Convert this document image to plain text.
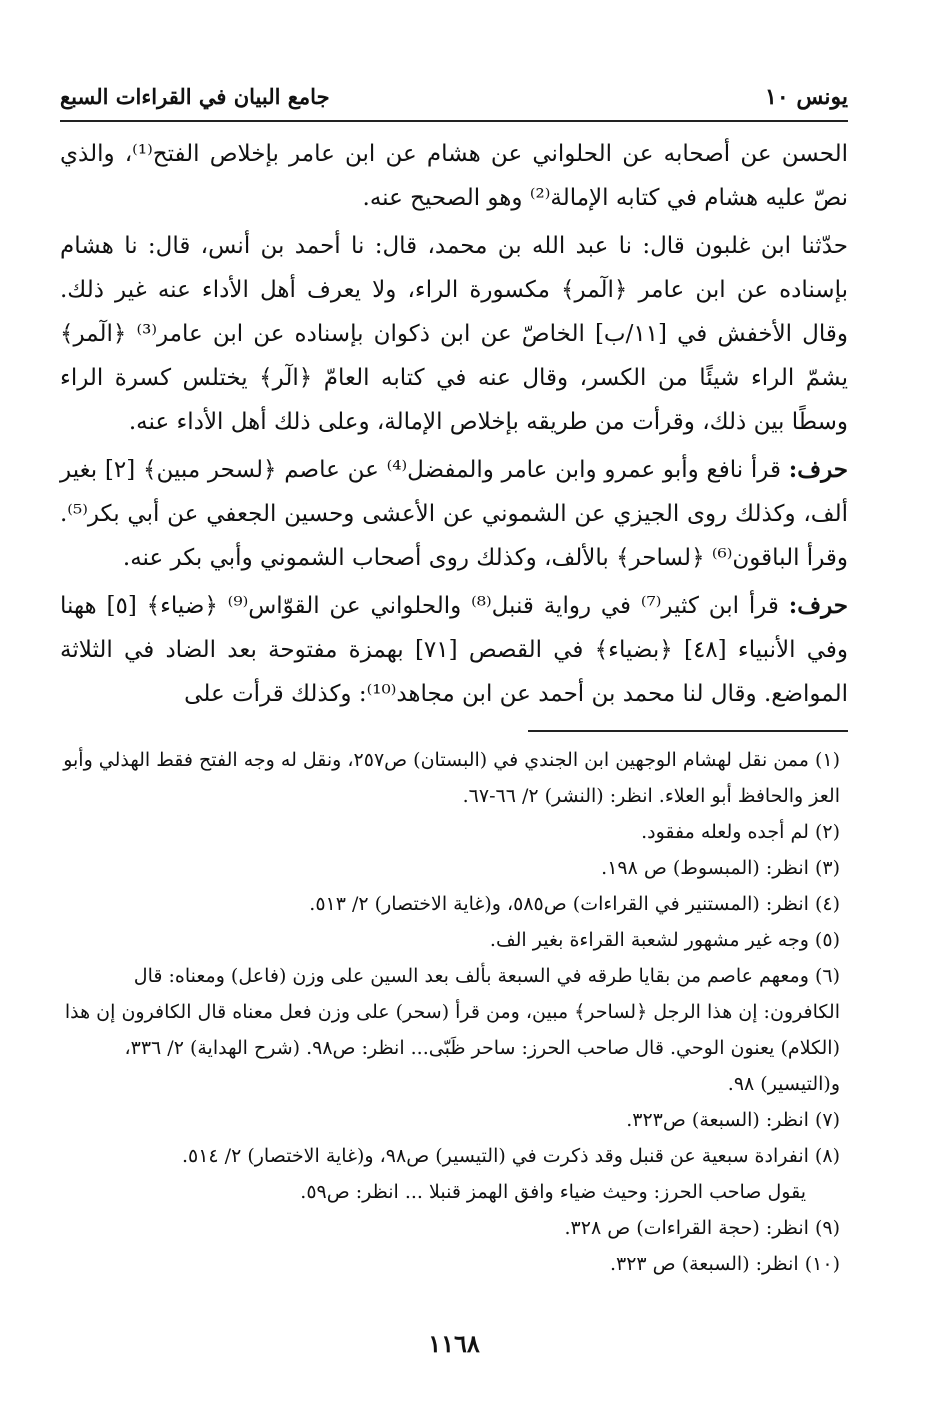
يونس ١٠
جامع البيان في القراءات السبع

الحسن عن أصحابه عن الحلواني عن هشام عن ابن عامر بإخلاص الفتح⁽¹⁾، والذي نصّ عليه هشام في كتابه الإمالة⁽²⁾ وهو الصحيح عنه.

حدّثنا ابن غلبون قال: نا عبد الله بن محمد، قال: نا أحمد بن أنس، قال: نا هشام بإسناده عن ابن عامر ﴿الٓمر﴾ مكسورة الراء، ولا يعرف أهل الأداء عنه غير ذلك. وقال الأخفش في [١١/ب] الخاصّ عن ابن ذكوان بإسناده عن ابن عامر⁽³⁾ ﴿الٓمر﴾ يشمّ الراء شيئًا من الكسر، وقال عنه في كتابه العامّ ﴿الٓر﴾ يختلس كسرة الراء وسطًا بين ذلك، وقرأت من طريقه بإخلاص الإمالة، وعلى ذلك أهل الأداء عنه.

حرف: قرأ نافع وأبو عمرو وابن عامر والمفضل⁽⁴⁾ عن عاصم ﴿لسحر مبين﴾ [٢] بغير ألف، وكذلك روى الجيزي عن الشموني عن الأعشى وحسين الجعفي عن أبي بكر⁽⁵⁾. وقرأ الباقون⁽⁶⁾ ﴿لساحر﴾ بالألف، وكذلك روى أصحاب الشموني وأبي بكر عنه.

حرف: قرأ ابن كثير⁽⁷⁾ في رواية قنبل⁽⁸⁾ والحلواني عن القوّاس⁽⁹⁾ ﴿ضياء﴾ [٥] ههنا وفي الأنبياء [٤٨] ﴿بضياء﴾ في القصص [٧١] بهمزة مفتوحة بعد الضاد في الثلاثة المواضع. وقال لنا محمد بن أحمد عن ابن مجاهد⁽¹⁰⁾: وكذلك قرأت على

(١) ممن نقل لهشام الوجهين ابن الجندي في (البستان) ص٢٥٧، ونقل له وجه الفتح فقط الهذلي وأبو العز والحافظ أبو العلاء. انظر: (النشر) ٢/ ٦٦-٦٧.

(٢) لم أجده ولعله مفقود.

(٣) انظر: (المبسوط) ص ١٩٨.

(٤) انظر: (المستنير في القراءات) ص٥٨٥، و(غاية الاختصار) ٢/ ٥١٣.

(٥) وجه غير مشهور لشعبة القراءة بغير الف.

(٦) ومعهم عاصم من بقايا طرقه في السبعة بألف بعد السين على وزن (فاعل) ومعناه: قال الكافرون: إن هذا الرجل ﴿لساحر﴾ مبين، ومن قرأ (سحر) على وزن فعل معناه قال الكافرون إن هذا (الكلام) يعنون الوحي. قال صاحب الحرز: ساحر ظَبّى... انظر: ص٩٨. (شرح الهداية) ٢/ ٣٣٦، و(التيسير) ٩٨.

(٧) انظر: (السبعة) ص٣٢٣.

(٨) انفرادة سبعية عن قنبل وقد ذكرت في (التيسير) ص٩٨، و(غاية الاختصار) ٢/ ٥١٤.

يقول صاحب الحرز: وحيث ضياء وافق الهمز قنبلا ... انظر: ص٥٩.

(٩) انظر: (حجة القراءات) ص ٣٢٨.

(١٠) انظر: (السبعة) ص ٣٢٣.

١١٦٨
